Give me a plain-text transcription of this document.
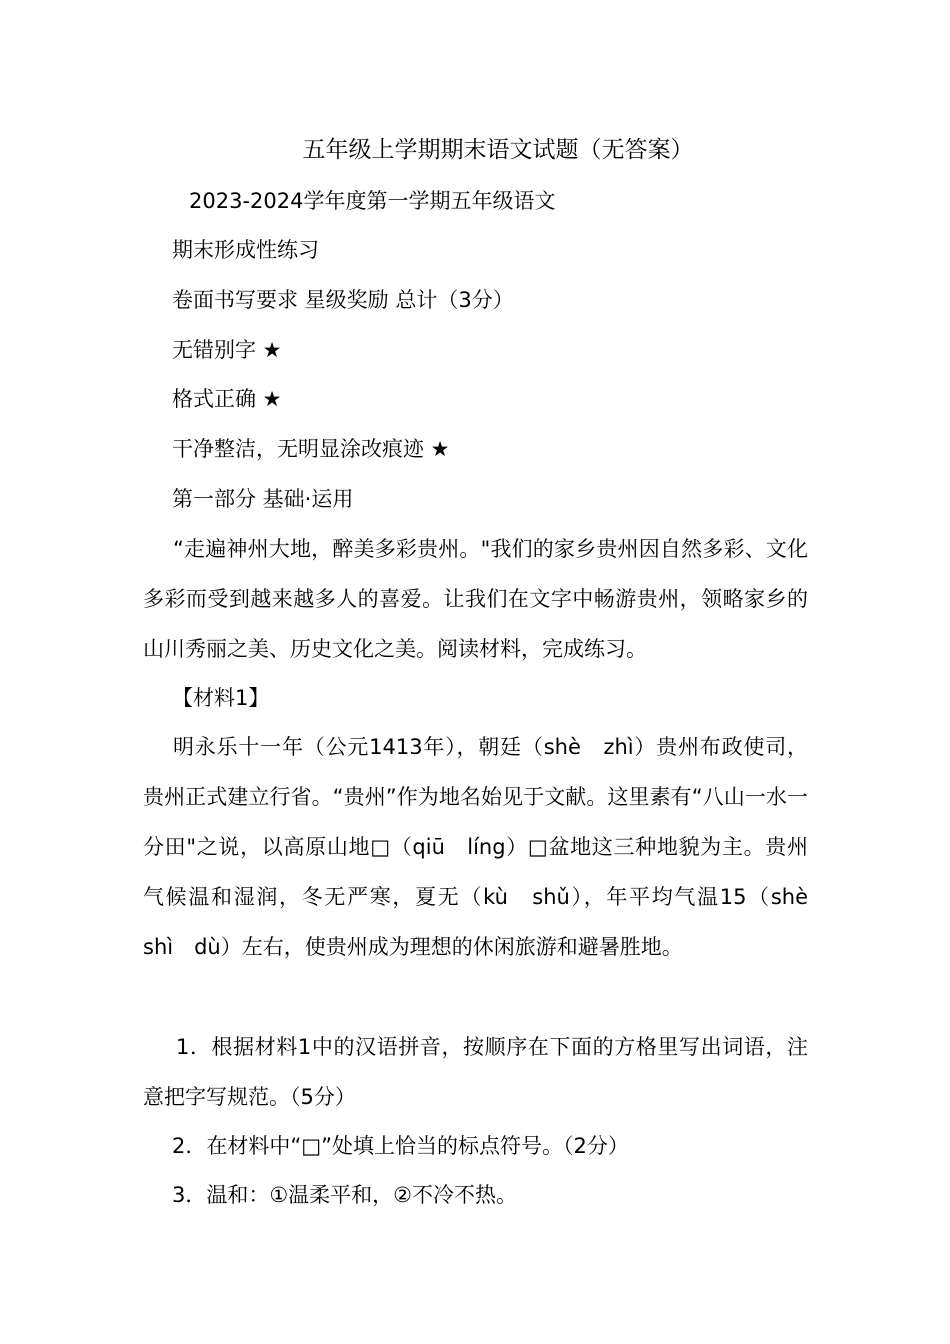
五年级上学期期末语文试题（无答案）
2023-2024学年度第一学期五年级语文
期末形成性练习
卷面书写要求 星级奖励 总计（3分）
无错别字 ★
格式正确 ★
干净整洁，无明显涂改痕迹 ★
第一部分 基础·运用
“走遍神州大地，醉美多彩贵州。"我们的家乡贵州因自然多彩、文化多彩而受到越来越多人的喜爱。让我们在文字中畅游贵州，领略家乡的山川秀丽之美、历史文化之美。阅读材料，完成练习。
【材料1】
明永乐十一年（公元1413年），朝廷（shè　zhì）贵州布政使司，贵州正式建立行省。“贵州”作为地名始见于文献。这里素有“八山一水一分田"之说，以高原山地□（qiū　líng）□盆地这三种地貌为主。贵州气候温和湿润，冬无严寒，夏无（kù　shǔ），年平均气温15（shè　shì　dù）左右，使贵州成为理想的休闲旅游和避暑胜地。
1．根据材料1中的汉语拼音，按顺序在下面的方格里写出词语，注意把字写规范。（5分）
2．在材料中“□”处填上恰当的标点符号。（2分）
3．温和：①温柔平和，②不冷不热。
